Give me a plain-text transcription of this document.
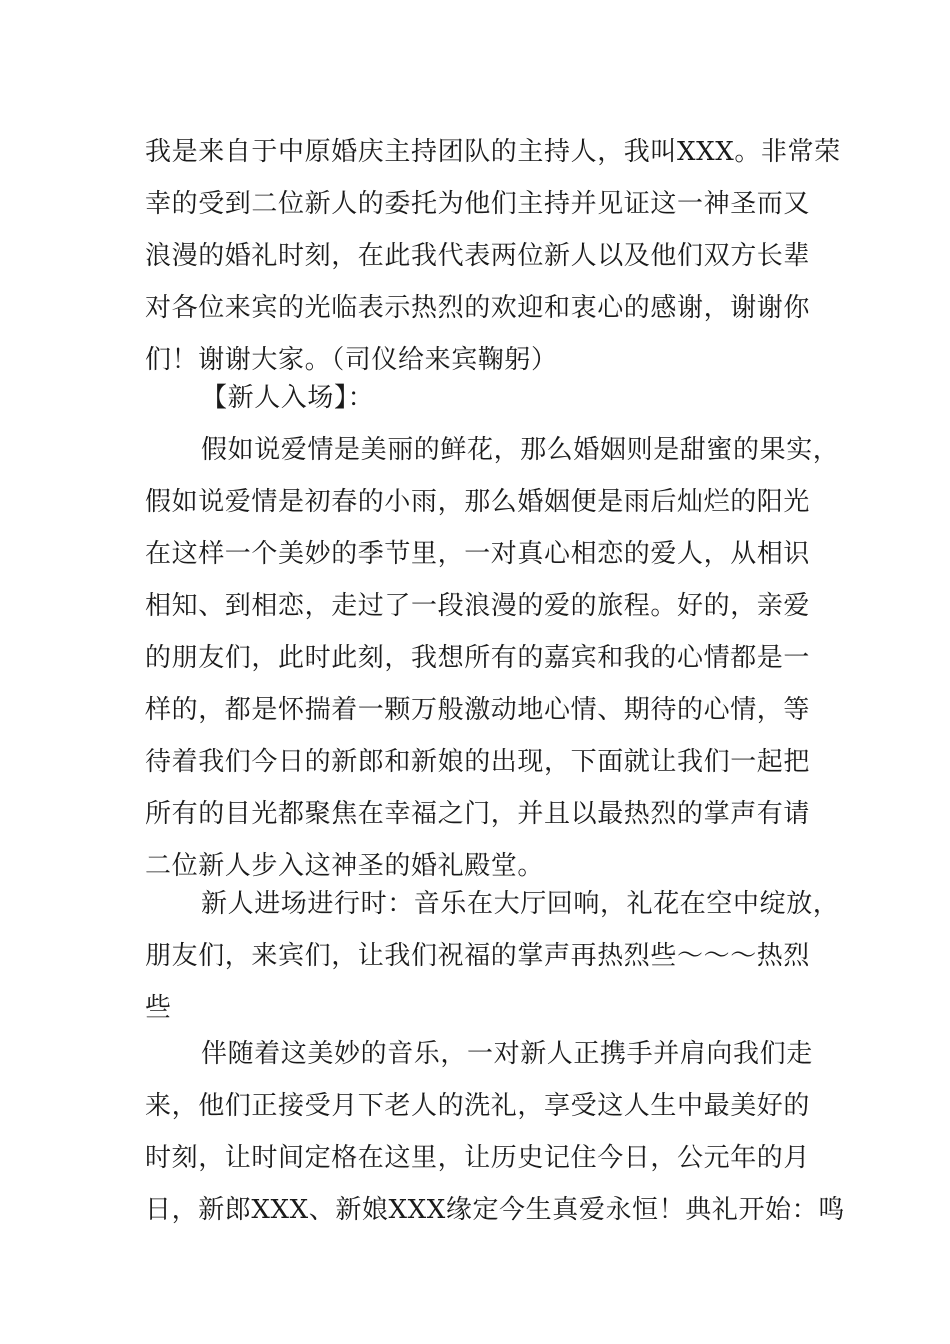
我是来自于中原婚庆主持团队的主持人，我叫XXX。非常荣
幸的受到二位新人的委托为他们主持并见证这一神圣而又
浪漫的婚礼时刻，在此我代表两位新人以及他们双方长辈
对各位来宾的光临表示热烈的欢迎和衷心的感谢，谢谢你
们！谢谢大家。（司仪给来宾鞠躬）
【新人入场】：
假如说爱情是美丽的鲜花，那么婚姻则是甜蜜的果实，
假如说爱情是初春的小雨，那么婚姻便是雨后灿烂的阳光
在这样一个美妙的季节里，一对真心相恋的爱人，从相识
相知、到相恋，走过了一段浪漫的爱的旅程。好的，亲爱
的朋友们，此时此刻，我想所有的嘉宾和我的心情都是一
样的，都是怀揣着一颗万般激动地心情、期待的心情，等
待着我们今日的新郎和新娘的出现，下面就让我们一起把
所有的目光都聚焦在幸福之门，并且以最热烈的掌声有请
二位新人步入这神圣的婚礼殿堂。
新人进场进行时：音乐在大厅回响，礼花在空中绽放，
朋友们，来宾们，让我们祝福的掌声再热烈些～～～热烈
些
伴随着这美妙的音乐，一对新人正携手并肩向我们走
来，他们正接受月下老人的洗礼，享受这人生中最美好的
时刻，让时间定格在这里，让历史记住今日，公元年的月
日，新郎XXX、新娘XXX缘定今生真爱永恒！典礼开始：鸣
